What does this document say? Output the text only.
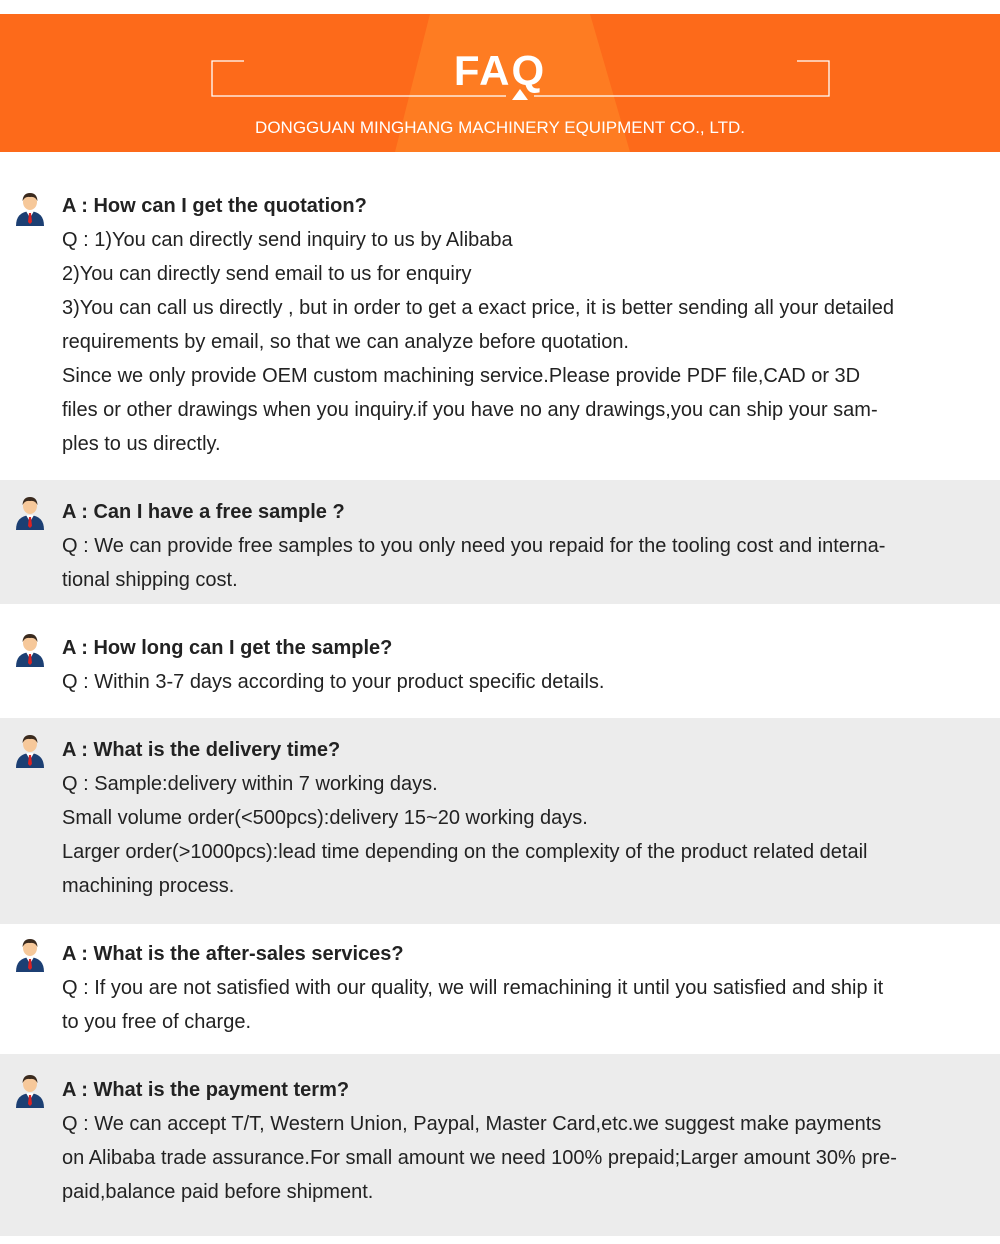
FAQ
DONGGUAN MINGHANG MACHINERY EQUIPMENT CO., LTD.

A : How can I get the quotation?

Q : 1)You can directly send inquiry to us by Alibaba

2)You can directly send email to us for enquiry

3)You can call us directly , but in order to get a exact price, it is better sending all your detailed

requirements by email, so that we can analyze before quotation.

Since we only provide OEM custom machining service.Please provide PDF file,CAD or 3D

files or other drawings when you inquiry.if you have no any drawings,you can ship your sam-

ples to us directly.

A : Can I have a free sample ?

Q : We can provide free samples to you only need you repaid for the tooling cost and interna-

tional shipping cost.

A : How long can I get the sample?

Q : Within 3-7 days according to your product specific details.

A : What is the delivery time?

Q : Sample:delivery within 7 working days.

Small volume order(<500pcs):delivery 15~20 working days.

Larger order(>1000pcs):lead time depending on the complexity of the product related detail

machining process.

A : What is the after-sales services?

Q : If you are not satisfied with our quality, we will remachining it until you satisfied and ship it

to you free of charge.

A : What is the payment term?

Q : We can accept T/T, Western Union, Paypal, Master Card,etc.we suggest make payments

on Alibaba trade assurance.For small amount we need 100% prepaid;Larger amount 30% pre-

paid,balance paid before shipment.
